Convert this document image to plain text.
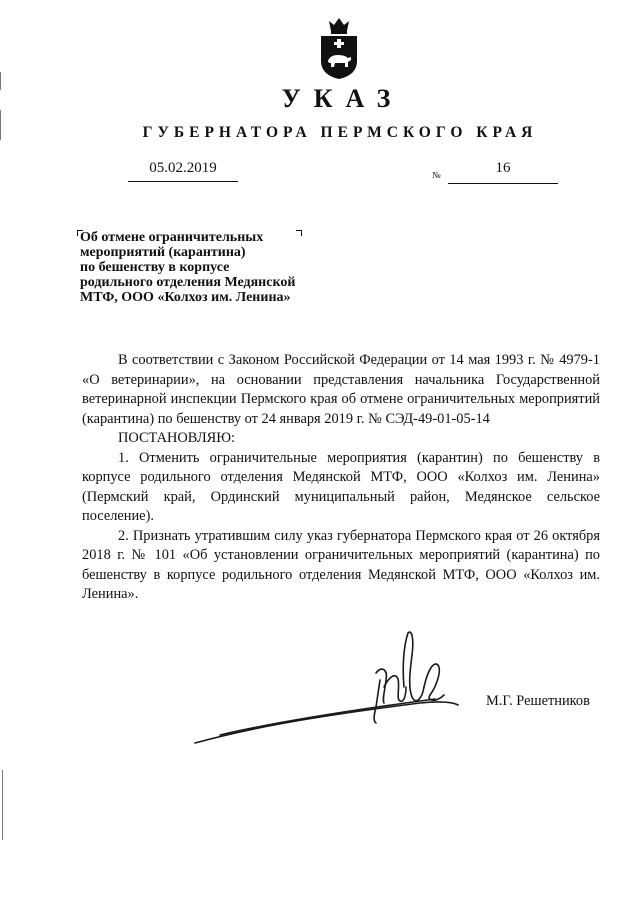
УКАЗ
ГУБЕРНАТОРА ПЕРМСКОГО КРАЯ
05.02.2019	№	16
Об отмене ограничительных
мероприятий (карантина)
по бешенству в корпусе
родильного отделения Медянской
МТФ, ООО «Колхоз им. Ленина»

В соответствии с Законом Российской Федерации от 14 мая 1993 г. № 4979-1 «О ветеринарии», на основании представления начальника Государственной ветеринарной инспекции Пермского края об отмене ограничительных мероприятий (карантина) по бешенству от 24 января 2019 г. № СЭД-49-01-05-14

ПОСТАНОВЛЯЮ:

1. Отменить ограничительные мероприятия (карантин) по бешенству в корпусе родильного отделения Медянской МТФ, ООО «Колхоз им. Ленина» (Пермский край, Ординский муниципальный район, Медянское сельское поселение).

2. Признать утратившим силу указ губернатора Пермского края от 26 октября 2018 г. № 101 «Об установлении ограничительных мероприятий (карантина) по бешенству в корпусе родильного отделения Медянской МТФ, ООО «Колхоз им. Ленина».

М.Г. Решетников
